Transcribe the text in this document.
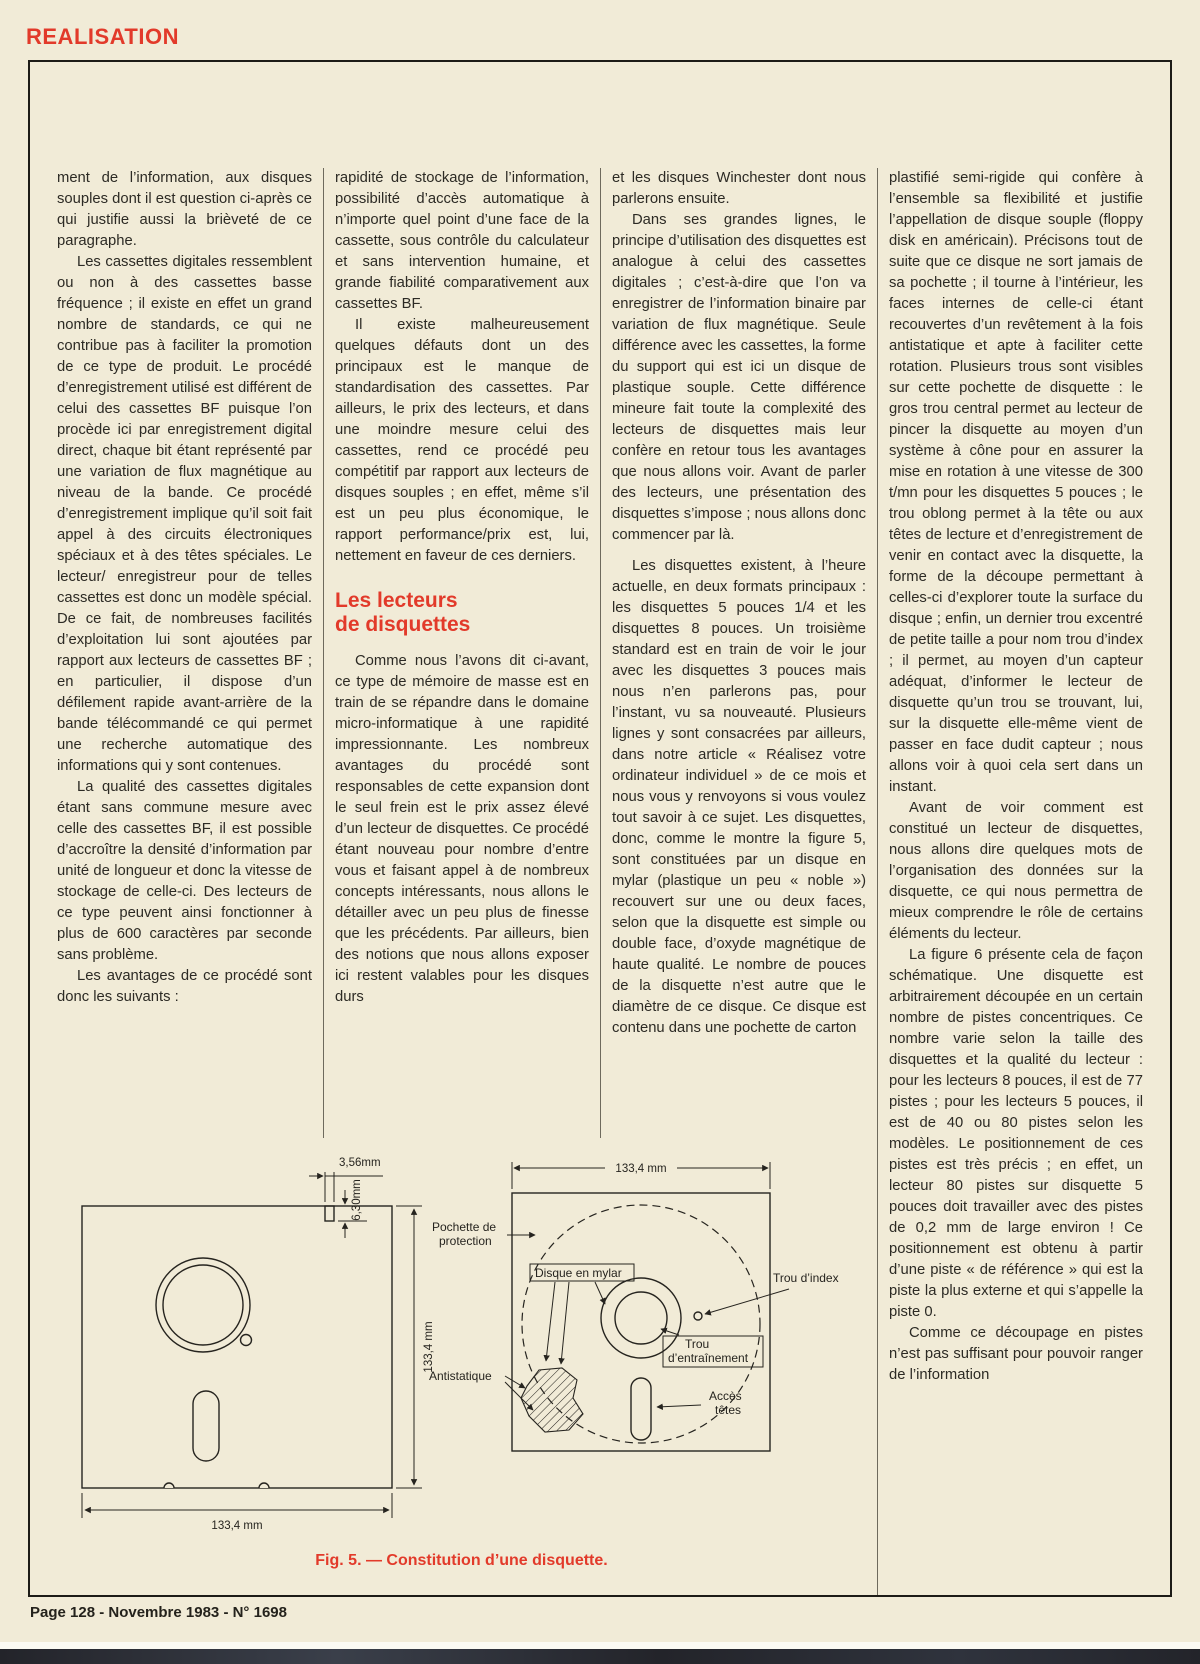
REALISATION

ment de l’information, aux disques souples dont il est question ci-après ce qui justifie aussi la brièveté de ce paragraphe.

Les cassettes digitales ressemblent ou non à des cassettes basse fréquence ; il existe en effet un grand nombre de standards, ce qui ne contribue pas à faciliter la promotion de ce type de produit. Le procédé d’enregistrement utilisé est différent de celui des cassettes BF puisque l’on procède ici par enregistrement digital direct, chaque bit étant représenté par une variation de flux magnétique au niveau de la bande. Ce procédé d’enregistrement implique qu’il soit fait appel à des circuits électroniques spéciaux et à des têtes spéciales. Le lecteur/ enregistreur pour de telles cassettes est donc un modèle spécial. De ce fait, de nombreuses facilités d’exploitation lui sont ajoutées par rapport aux lecteurs de cassettes BF ; en particulier, il dispose d’un défilement rapide avant-arrière de la bande télécommandé ce qui permet une recherche automatique des informations qui y sont contenues.

La qualité des cassettes digitales étant sans commune mesure avec celle des cassettes BF, il est possible d’accroître la densité d’information par unité de longueur et donc la vitesse de stockage de celle-ci. Des lecteurs de ce type peuvent ainsi fonctionner à plus de 600 caractères par seconde sans problème.

Les avantages de ce procédé sont donc les suivants :

rapidité de stockage de l’information, possibilité d’accès automatique à n’importe quel point d’une face de la cassette, sous contrôle du calculateur et sans intervention humaine, et grande fiabilité comparativement aux cassettes BF.

Il existe malheureusement quelques défauts dont un des principaux est le manque de standardisation des cassettes. Par ailleurs, le prix des lecteurs, et dans une moindre mesure celui des cassettes, rend ce procédé peu compétitif par rapport aux lecteurs de disques souples ; en effet, même s’il est un peu plus économique, le rapport performance/prix est, lui, nettement en faveur de ces derniers.

Les lecteurs
de disquettes

Comme nous l’avons dit ci-avant, ce type de mémoire de masse est en train de se répandre dans le domaine micro-informatique à une rapidité impressionnante. Les nombreux avantages du procédé sont responsables de cette expansion dont le seul frein est le prix assez élevé d’un lecteur de disquettes. Ce procédé étant nouveau pour nombre d’entre vous et faisant appel à de nombreux concepts intéressants, nous allons le détailler avec un peu plus de finesse que les précédents. Par ailleurs, bien des notions que nous allons exposer ici restent valables pour les disques durs

et les disques Winchester dont nous parlerons ensuite.

Dans ses grandes lignes, le principe d’utilisation des disquettes est analogue à celui des cassettes digitales ; c’est-à-dire que l’on va enregistrer de l’information binaire par variation de flux magnétique. Seule différence avec les cassettes, la forme du support qui est ici un disque de plastique souple. Cette différence mineure fait toute la complexité des lecteurs de disquettes mais leur confère en retour tous les avantages que nous allons voir. Avant de parler des lecteurs, une présentation des disquettes s’impose ; nous allons donc commencer par là.

Les disquettes existent, à l’heure actuelle, en deux formats principaux : les disquettes 5 pouces 1/4 et les disquettes 8 pouces. Un troisième standard est en train de voir le jour avec les disquettes 3 pouces mais nous n’en parlerons pas, pour l’instant, vu sa nouveauté. Plusieurs lignes y sont consacrées par ailleurs, dans notre article « Réalisez votre ordinateur individuel » de ce mois et nous vous y renvoyons si vous voulez tout savoir à ce sujet. Les disquettes, donc, comme le montre la figure 5, sont constituées par un disque en mylar (plastique un peu « noble ») recouvert sur une ou deux faces, selon que la disquette est simple ou double face, d’oxyde magnétique de haute qualité. Le nombre de pouces de la disquette n’est autre que le diamètre de ce disque. Ce disque est contenu dans une pochette de carton

plastifié semi-rigide qui confère à l’ensemble sa flexibilité et justifie l’appellation de disque souple (floppy disk en américain). Précisons tout de suite que ce disque ne sort jamais de sa pochette ; il tourne à l’intérieur, les faces internes de celle-ci étant recouvertes d’un revêtement à la fois antistatique et apte à faciliter cette rotation. Plusieurs trous sont visibles sur cette pochette de disquette : le gros trou central permet au lecteur de pincer la disquette au moyen d’un système à cône pour en assurer la mise en rotation à une vitesse de 300 t/mn pour les disquettes 5 pouces ; le trou oblong permet à la tête ou aux têtes de lecture et d’enregistrement de venir en contact avec la disquette, la forme de la découpe permettant à celles-ci d’explorer toute la surface du disque ; enfin, un dernier trou excentré de petite taille a pour nom trou d’index ; il permet, au moyen d’un capteur adéquat, d’informer le lecteur de disquette qu’un trou se trouvant, lui, sur la disquette elle-même vient de passer en face dudit capteur ; nous allons voir à quoi cela sert dans un instant.

Avant de voir comment est constitué un lecteur de disquettes, nous allons dire quelques mots de l’organisation des données sur la disquette, ce qui nous permettra de mieux comprendre le rôle de certains éléments du lecteur.

La figure 6 présente cela de façon schématique. Une disquette est arbitrairement découpée en un certain nombre de pistes concentriques. Ce nombre varie selon la taille des disquettes et la qualité du lecteur : pour les lecteurs 8 pouces, il est de 77 pistes ; pour les lecteurs 5 pouces, il est de 40 ou 80 pistes selon les modèles. Le positionnement de ces pistes est très précis ; en effet, un lecteur 80 pistes sur disquette 5 pouces doit travailler avec des pistes de 0,2 mm de large environ ! Ce positionnement est obtenu à partir d’une piste « de référence » qui est la piste la plus externe et qui s’appelle la piste 0.

Comme ce découpage en pistes n’est pas suffisant pour pouvoir ranger de l’information

3,56mm
6,30mm
133,4 mm
133,4 mm
133,4 mm
Pochette de
protection
Disque en mylar	Trou d’index
Trou
d’entraînement
Antistatique
Accès
têtes
Fig. 5. — Constitution d’une disquette.
Page 128 - Novembre 1983 - N° 1698
